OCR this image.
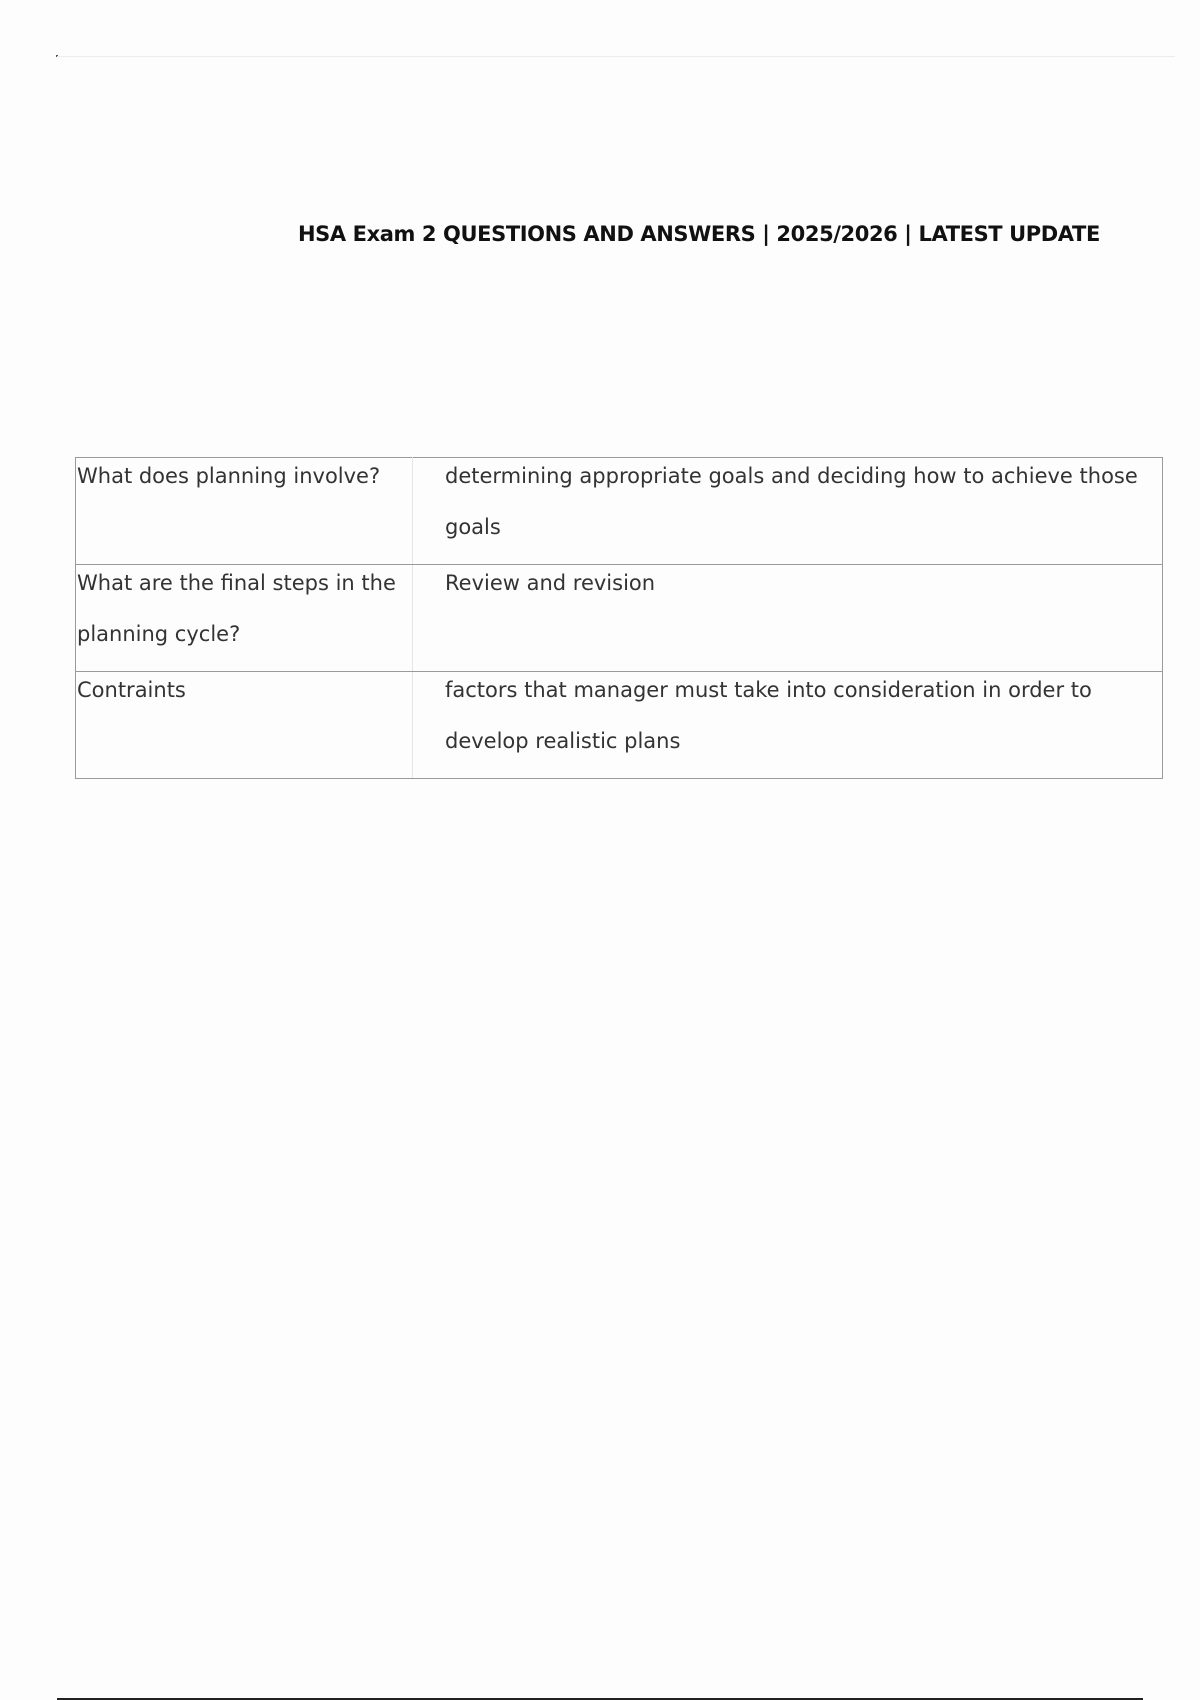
HSA Exam 2 QUESTIONS AND ANSWERS | 2025/2026 | LATEST UPDATE
What does planning involve?	determining appropriate goals and deciding how to achieve those goals

What are the final steps in the planning cycle?	Review and revision

Contraints	factors that manager must take into consideration in order to develop realistic plans
